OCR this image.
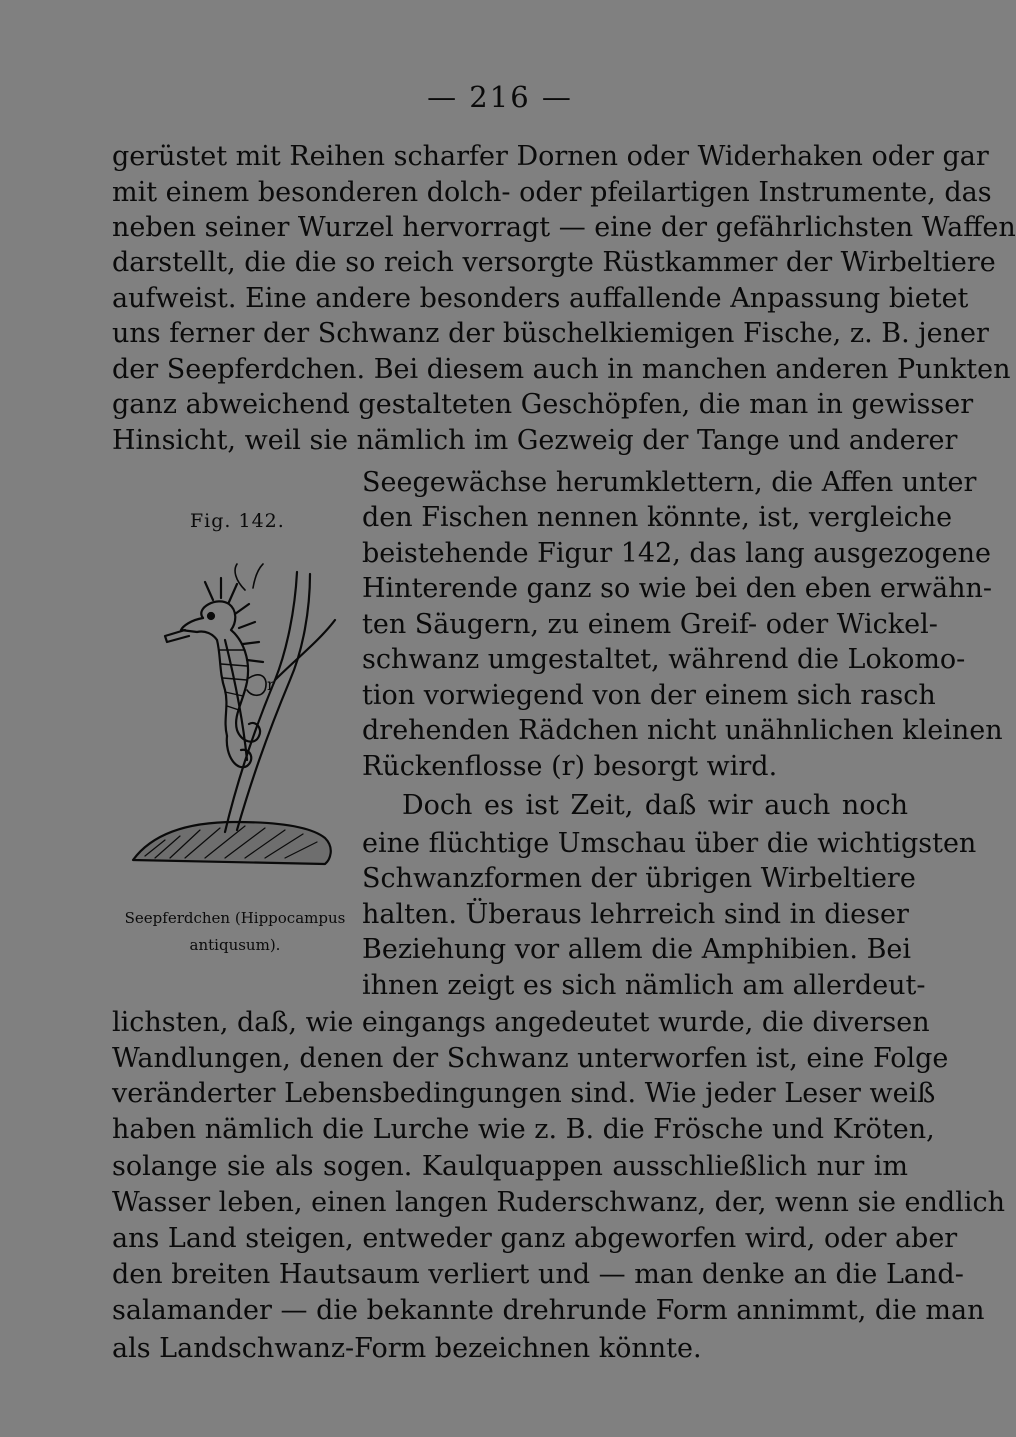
— 216 —
gerüstet mit Reihen scharfer Dornen oder Widerhaken oder gar
mit einem besonderen dolch- oder pfeilartigen Instrumente, das
neben seiner Wurzel hervorragt — eine der gefährlichsten Waffen
darstellt, die die so reich versorgte Rüstkammer der Wirbeltiere
aufweist. Eine andere besonders auffallende Anpassung bietet
uns ferner der Schwanz der büschelkiemigen Fische, z. B. jener
der Seepferdchen. Bei diesem auch in manchen anderen Punkten
ganz abweichend gestalteten Geschöpfen, die man in gewisser
Hinsicht, weil sie nämlich im Gezweig der Tange und anderer
Seegewächse herumklettern, die Affen unter
den Fischen nennen könnte, ist, vergleiche
beistehende Figur 142, das lang ausgezogene
Hinterende ganz so wie bei den eben erwähn-
ten Säugern, zu einem Greif- oder Wickel-
schwanz umgestaltet, während die Lokomo-
tion vorwiegend von der einem sich rasch
drehenden Rädchen nicht unähnlichen kleinen
Rückenflosse (r) besorgt wird.
Doch es ist Zeit, daß wir auch noch
eine flüchtige Umschau über die wichtigsten
Schwanzformen der übrigen Wirbeltiere
halten. Überaus lehrreich sind in dieser
Beziehung vor allem die Amphibien. Bei
ihnen zeigt es sich nämlich am allerdeut-
lichsten, daß, wie eingangs angedeutet wurde, die diversen
Wandlungen, denen der Schwanz unterworfen ist, eine Folge
veränderter Lebensbedingungen sind. Wie jeder Leser weiß
haben nämlich die Lurche wie z. B. die Frösche und Kröten,
solange sie als sogen. Kaulquappen ausschließlich nur im
Wasser leben, einen langen Ruderschwanz, der, wenn sie endlich
ans Land steigen, entweder ganz abgeworfen wird, oder aber
den breiten Hautsaum verliert und — man denke an die Land-
salamander — die bekannte drehrunde Form annimmt, die man
als Landschwanz-Form bezeichnen könnte.
Fig. 142.
r
Seepferdchen (Hippocampus
antiqusum).
